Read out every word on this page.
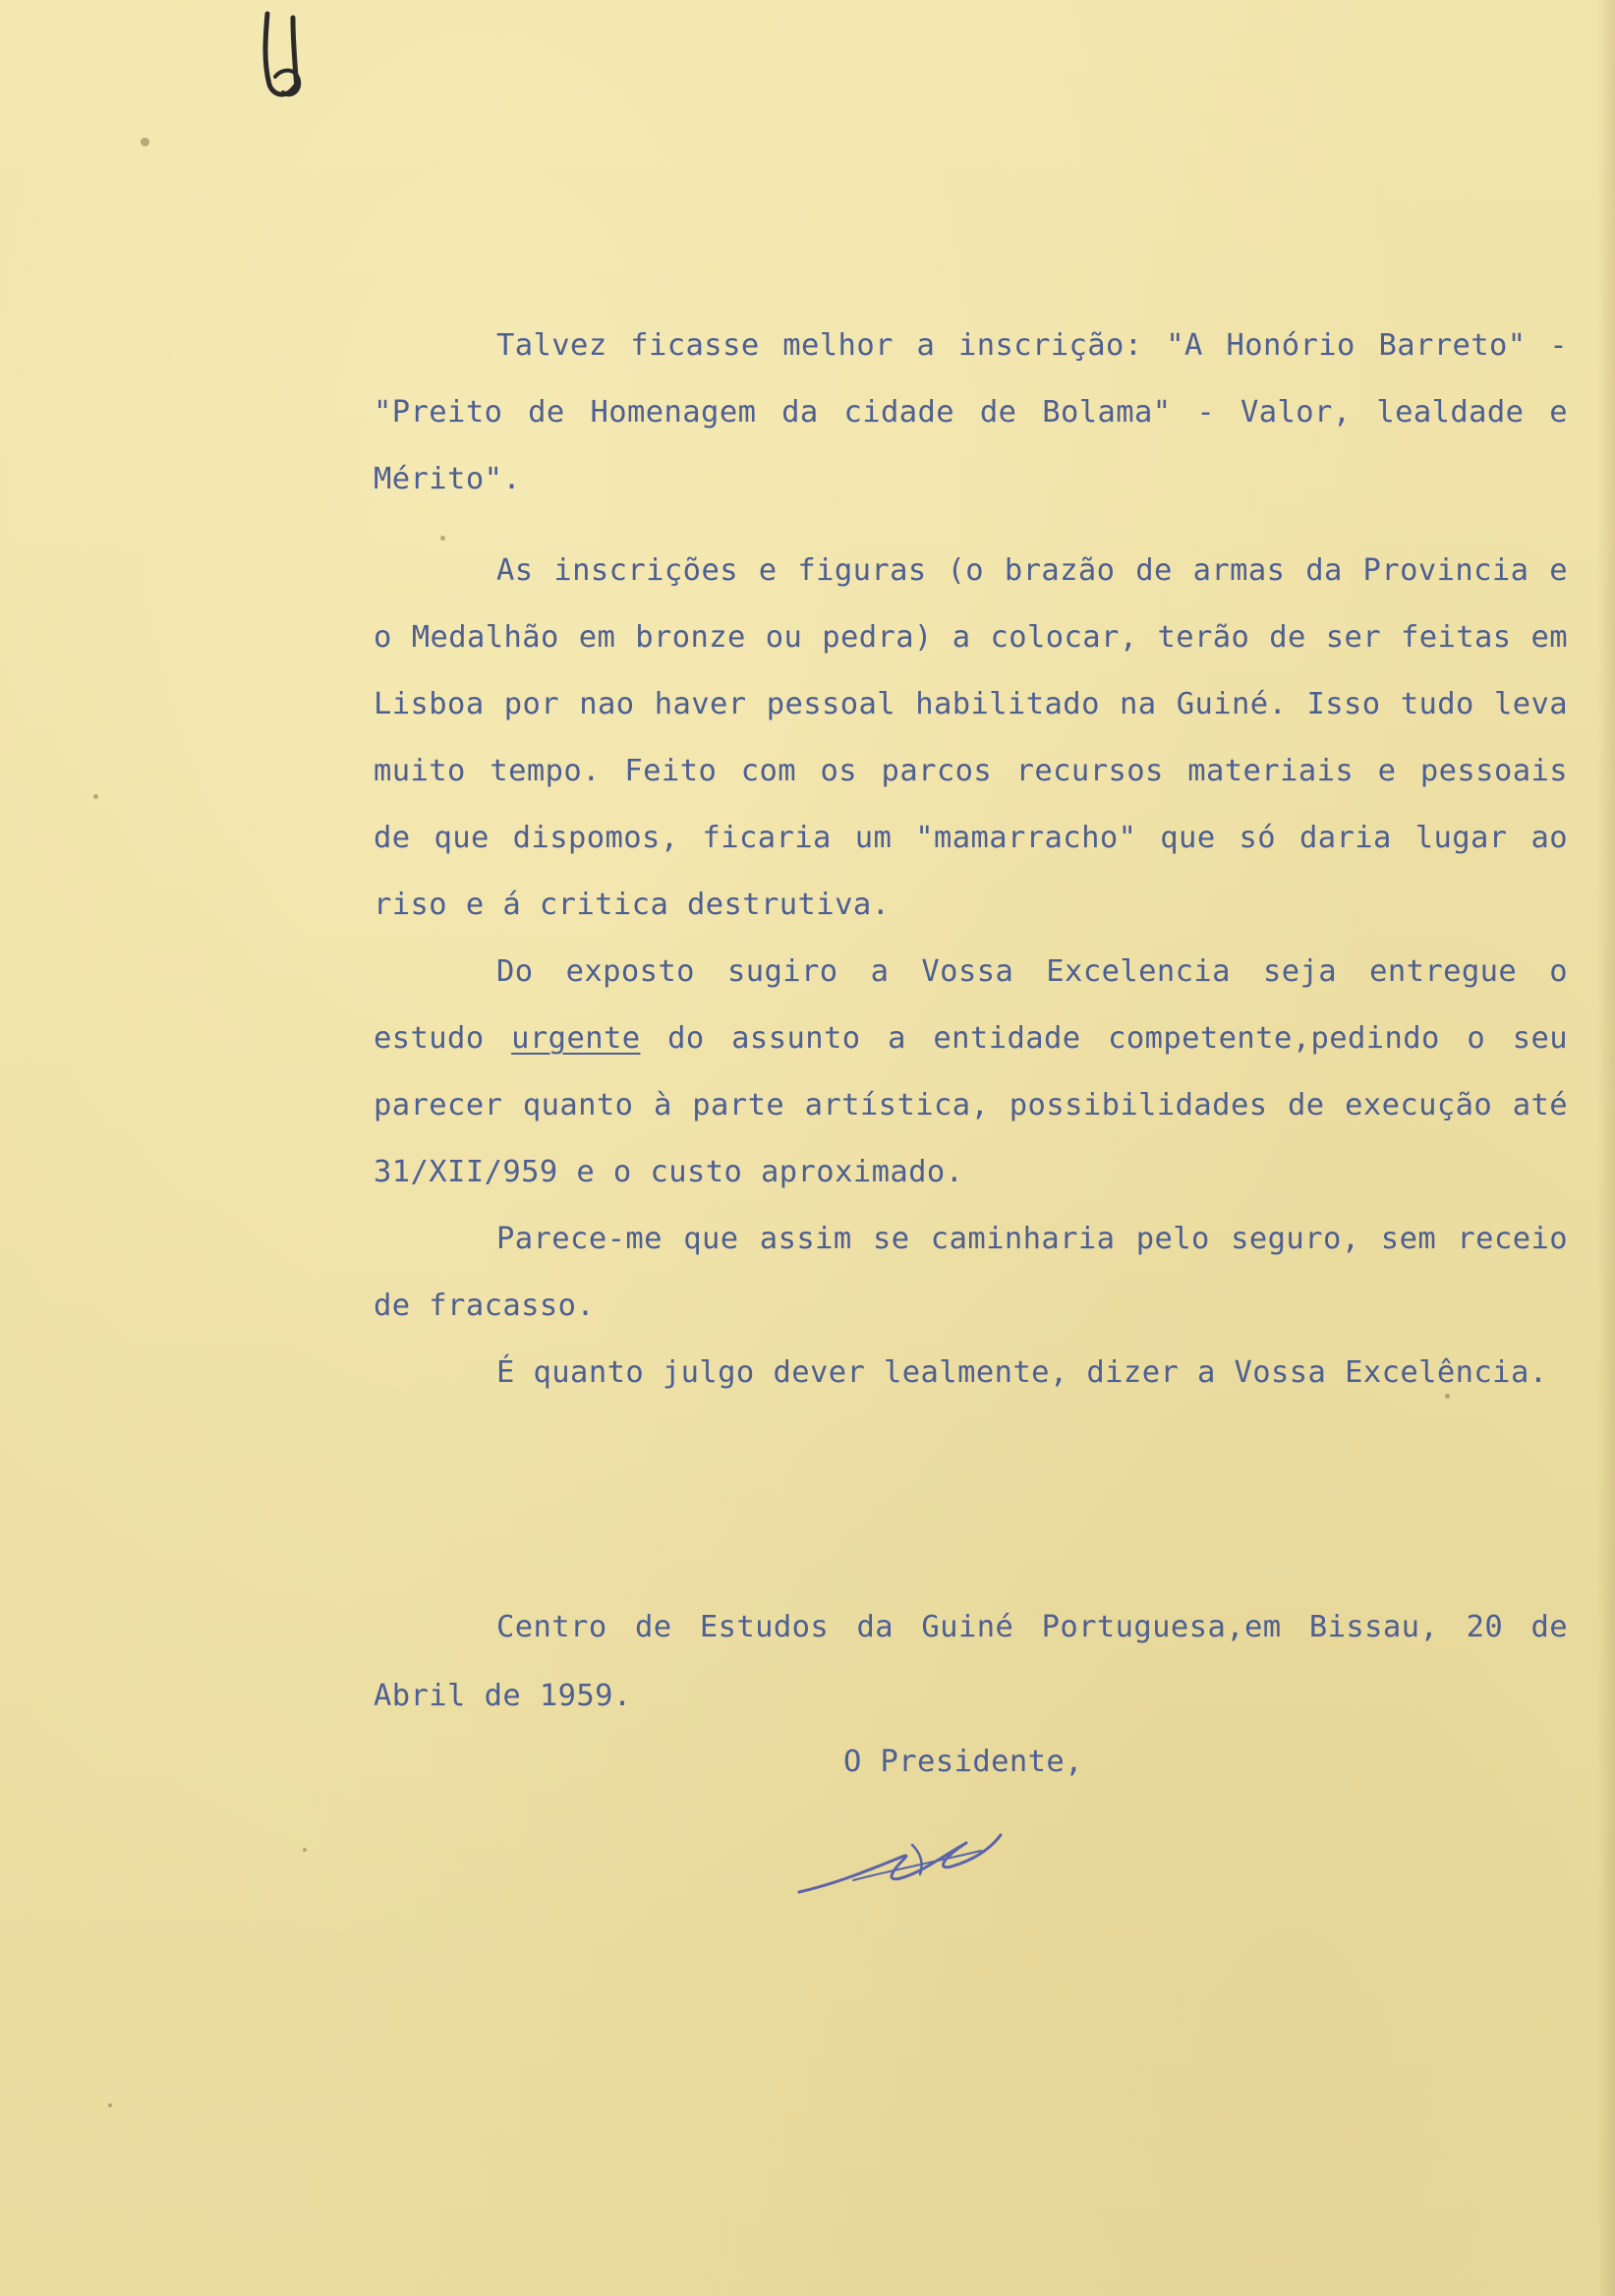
Talvez ficasse melhor a inscrição: "A Honório Barreto" - "Preito de Homenagem da cidade de Bolama" - Valor, lealdade e Mérito".

As inscrições e figuras (o brazão de armas da Provincia e o Medalhão em bronze ou pedra) a colocar, terão de ser feitas em Lisboa por nao haver pessoal habilitado na Guiné. Isso tudo leva muito tempo. Feito com os parcos recursos materiais e pessoais de que dispomos, ficaria um "mamarracho" que só daria lugar ao riso e á critica destrutiva.

Do exposto sugiro a Vossa Excelencia seja entregue o estudo urgente do assunto a entidade competente,pedindo o seu parecer quanto à parte artística, possibilidades de execução até 31/XII/959 e o custo aproximado.

Parece-me que assim se caminharia pelo seguro, sem receio de fracasso.

É quanto julgo dever lealmente, dizer a Vossa Excelência.

Centro de Estudos da Guiné Portuguesa,em Bissau, 20 de Abril de 1959.

O Presidente,
